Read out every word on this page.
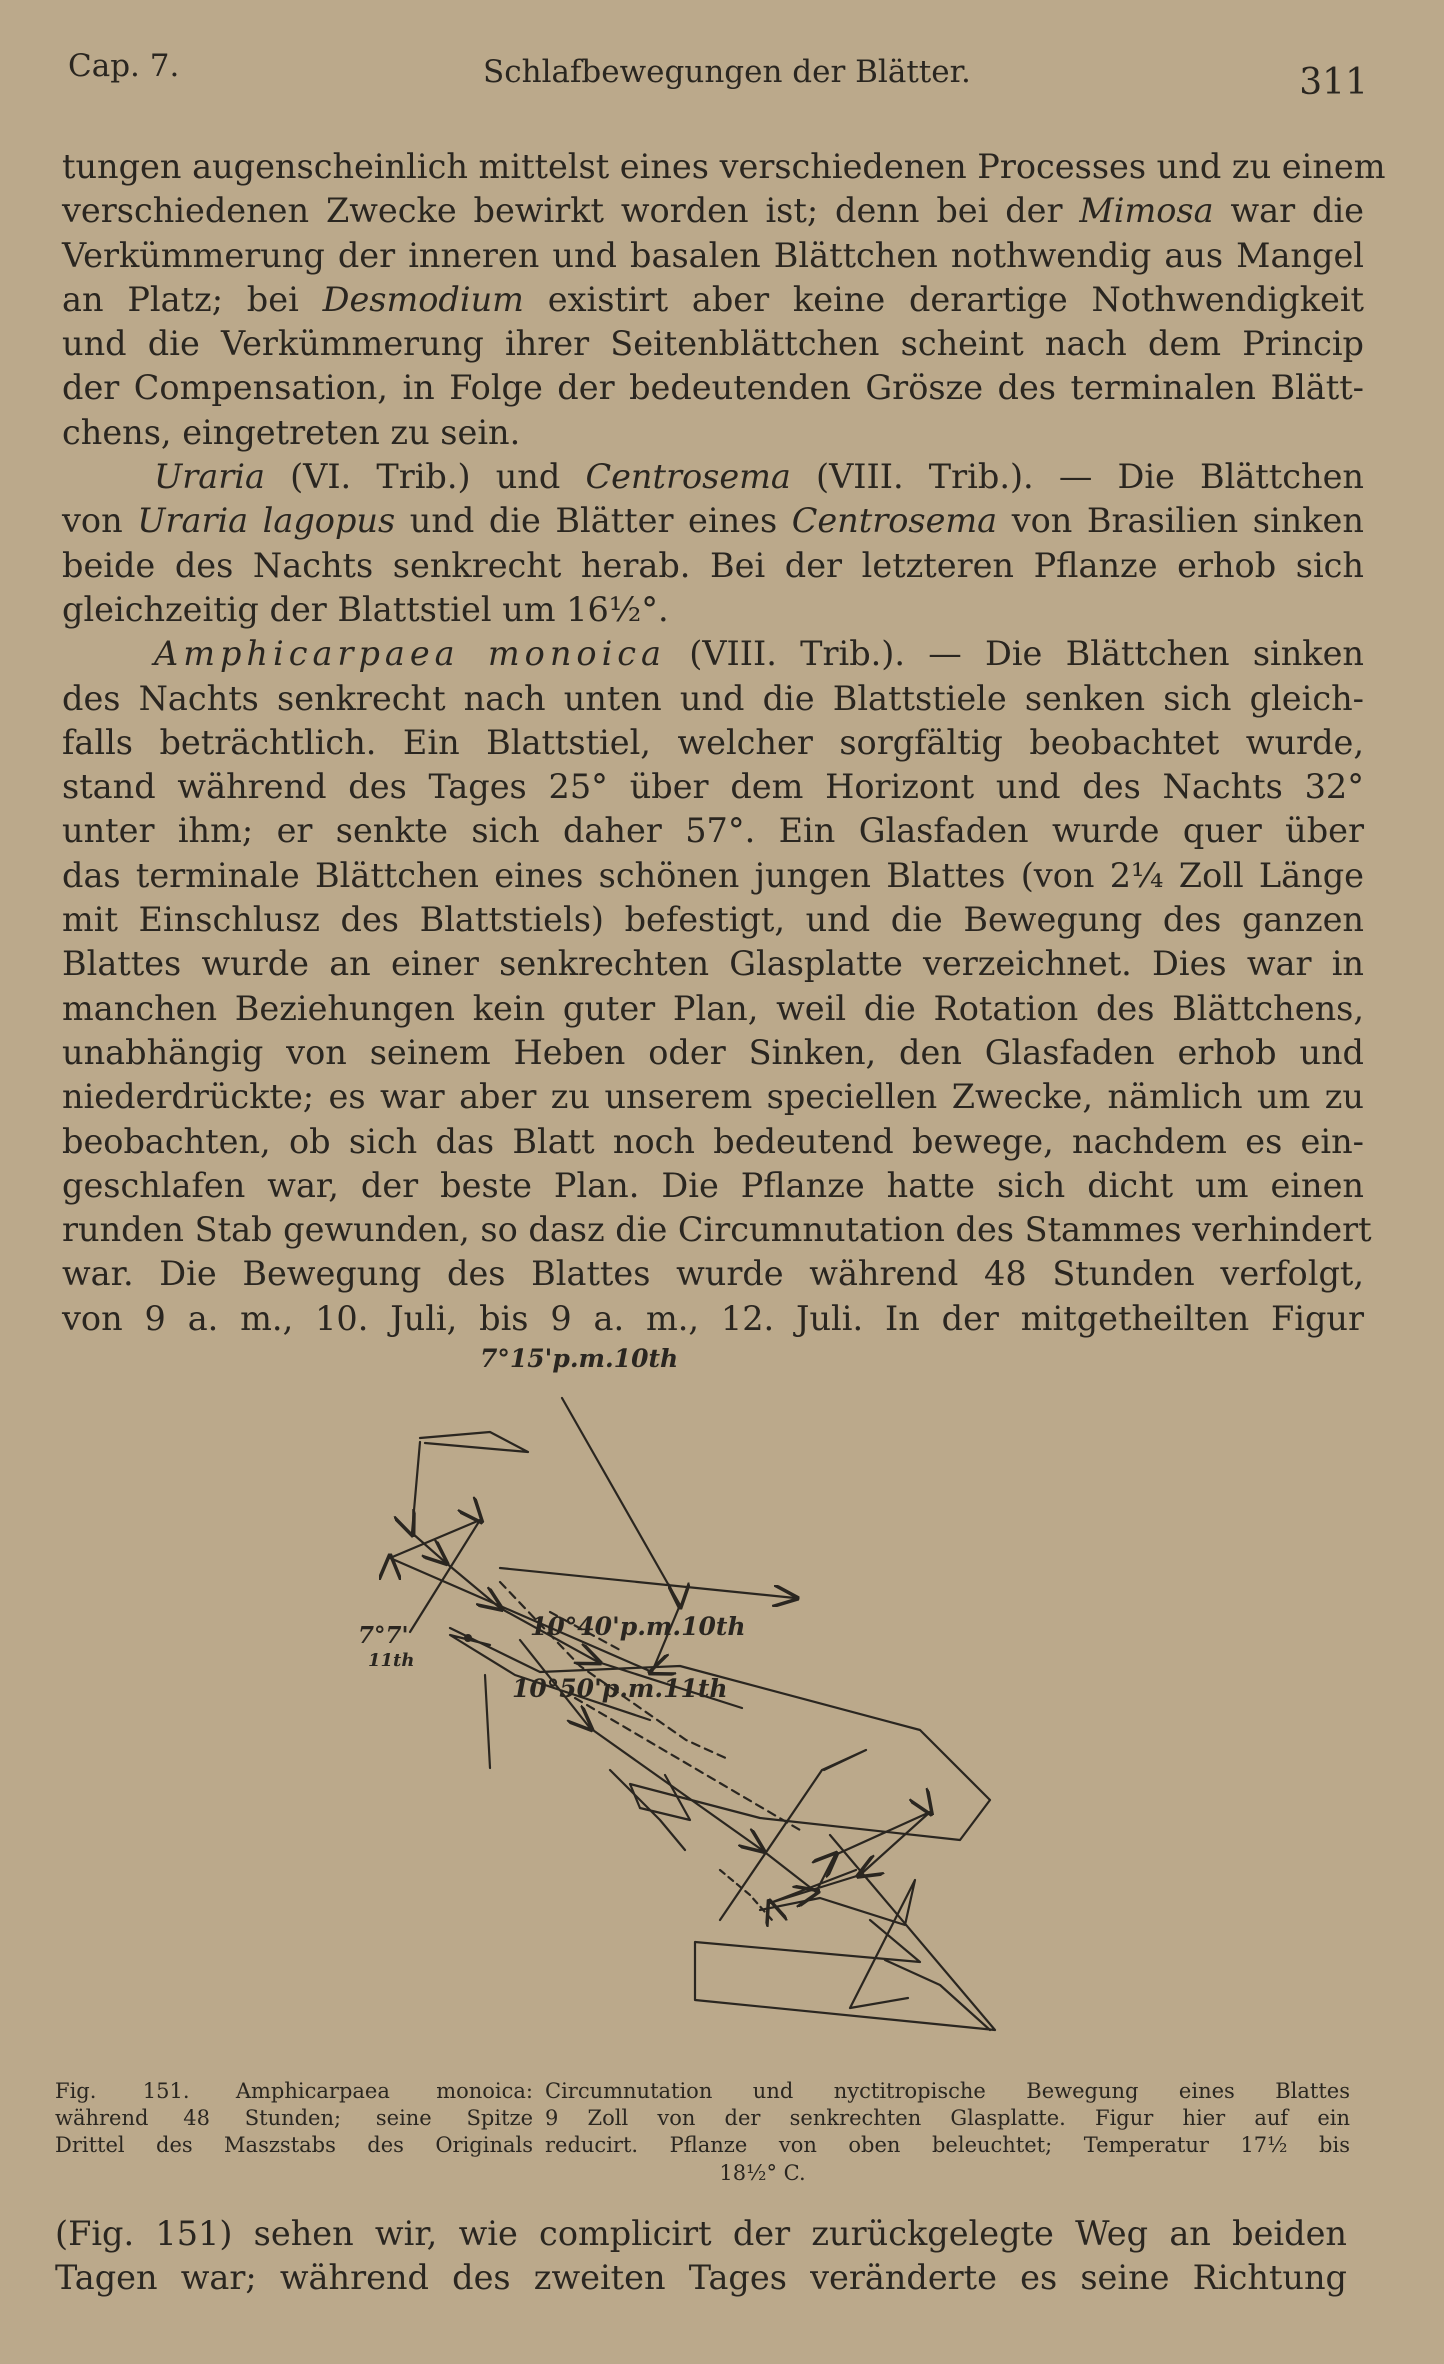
Cap. 7.	Schlafbewegungen der Blätter.	311
tungen augenscheinlich mittelst eines verschiedenen Processes und zu einem
verschiedenen Zwecke bewirkt worden ist; denn bei der Mimosa war die
Verkümmerung der inneren und basalen Blättchen nothwendig aus Mangel
an Platz; bei Desmodium existirt aber keine derartige Nothwendigkeit
und die Verkümmerung ihrer Seitenblättchen scheint nach dem Princip
der Compensation, in Folge der bedeutenden Grösze des terminalen Blätt-
chens, eingetreten zu sein.
Uraria (VI. Trib.) und Centrosema (VIII. Trib.). — Die Blättchen
von Uraria lagopus und die Blätter eines Centrosema von Brasilien sinken
beide des Nachts senkrecht herab. Bei der letzteren Pflanze erhob sich
gleichzeitig der Blattstiel um 16½°.
Amphicarpaea monoica (VIII. Trib.). — Die Blättchen sinken
des Nachts senkrecht nach unten und die Blattstiele senken sich gleich-
falls beträchtlich. Ein Blattstiel, welcher sorgfältig beobachtet wurde,
stand während des Tages 25° über dem Horizont und des Nachts 32°
unter ihm; er senkte sich daher 57°. Ein Glasfaden wurde quer über
das terminale Blättchen eines schönen jungen Blattes (von 2¼ Zoll Länge
mit Einschlusz des Blattstiels) befestigt, und die Bewegung des ganzen
Blattes wurde an einer senkrechten Glasplatte verzeichnet. Dies war in
manchen Beziehungen kein guter Plan, weil die Rotation des Blättchens,
unabhängig von seinem Heben oder Sinken, den Glasfaden erhob und
niederdrückte; es war aber zu unserem speciellen Zwecke, nämlich um zu
beobachten, ob sich das Blatt noch bedeutend bewege, nachdem es ein-
geschlafen war, der beste Plan. Die Pflanze hatte sich dicht um einen
runden Stab gewunden, so dasz die Circumnutation des Stammes verhindert
war. Die Bewegung des Blattes wurde während 48 Stunden verfolgt,
von 9 a. m., 10. Juli, bis 9 a. m., 12. Juli. In der mitgetheilten Figur
7°15'p.m.10th
7°7'
11th
10°40'p.m.10th
10°50'p.m.11th
Fig. 151. Amphicarpaea monoica: Circumnutation und nyctitropische Bewegung eines Blattes
während 48 Stunden; seine Spitze 9 Zoll von der senkrechten Glasplatte. Figur hier auf ein
Drittel des Maszstabs des Originals reducirt. Pflanze von oben beleuchtet; Temperatur 17½ bis
18½° C.
(Fig. 151) sehen wir, wie complicirt der zurückgelegte Weg an beiden
Tagen war; während des zweiten Tages veränderte es seine Richtung
